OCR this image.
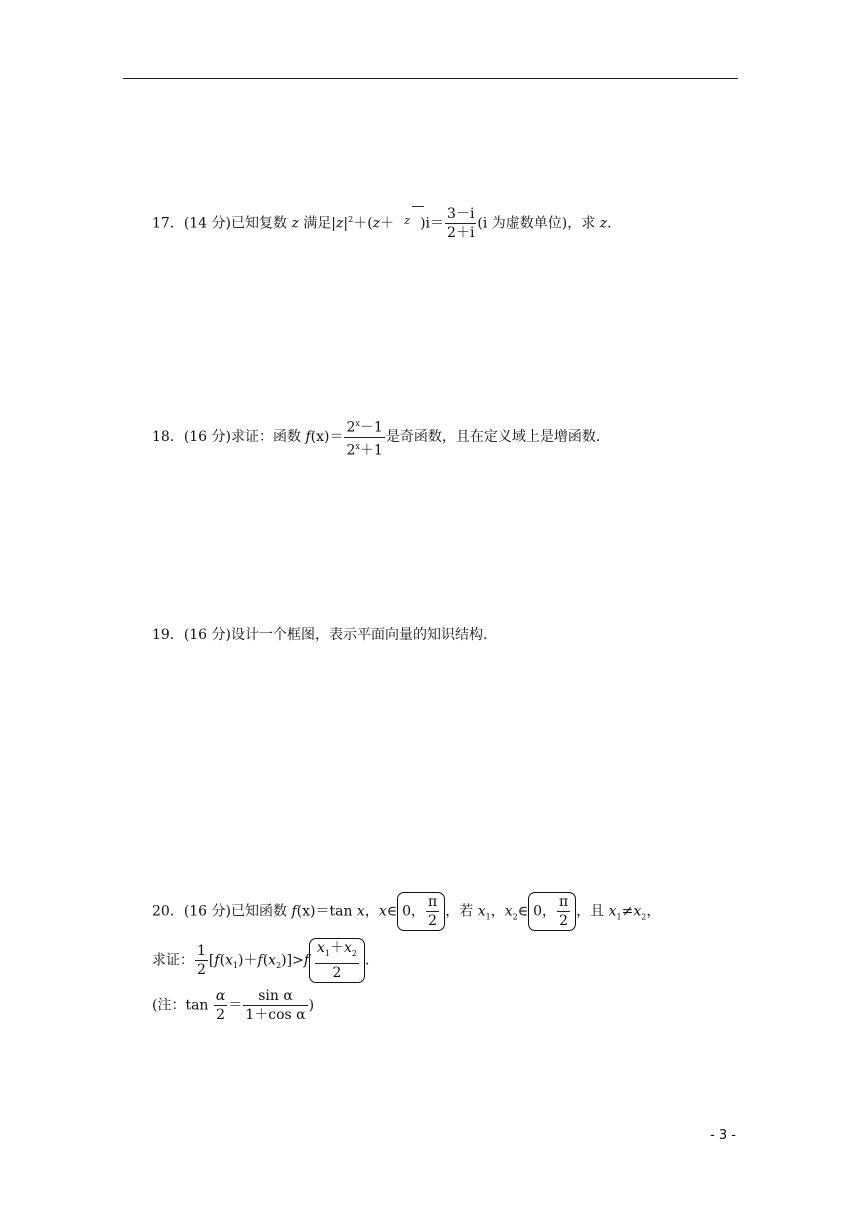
17．(14 分)已知复数 z 满足$|z|^2+(z+ ^z$ )$i= \frac{3-i}{2+i} (i$ 为虚数单位)，求 z.
18．(16 分)求证：函数 $f(x)= \frac{2^x-1}{2^x+1}$ 是奇函数，且在定义域上是增函数.
19．(16 分)设计一个框图，表示平面向量的知识结构.
20．(16 分)已知函数 f(x)＝tan x，x∈ 0， $\frac{\pi}{2}$ ，若 $x_1$，$x_2\in$ 0， $\frac{\pi}{2}$ ，且 $x_1\ne x_2$，
求证： $\frac{1}{2} [f(x_1)+f(x_2)]>f \frac{x_1+x_2}{2}$ .
(注：$\tan \frac{\alpha}{2} = \frac{\text{sin α}}{\text{1＋cos α}}$ )
- 3 -
